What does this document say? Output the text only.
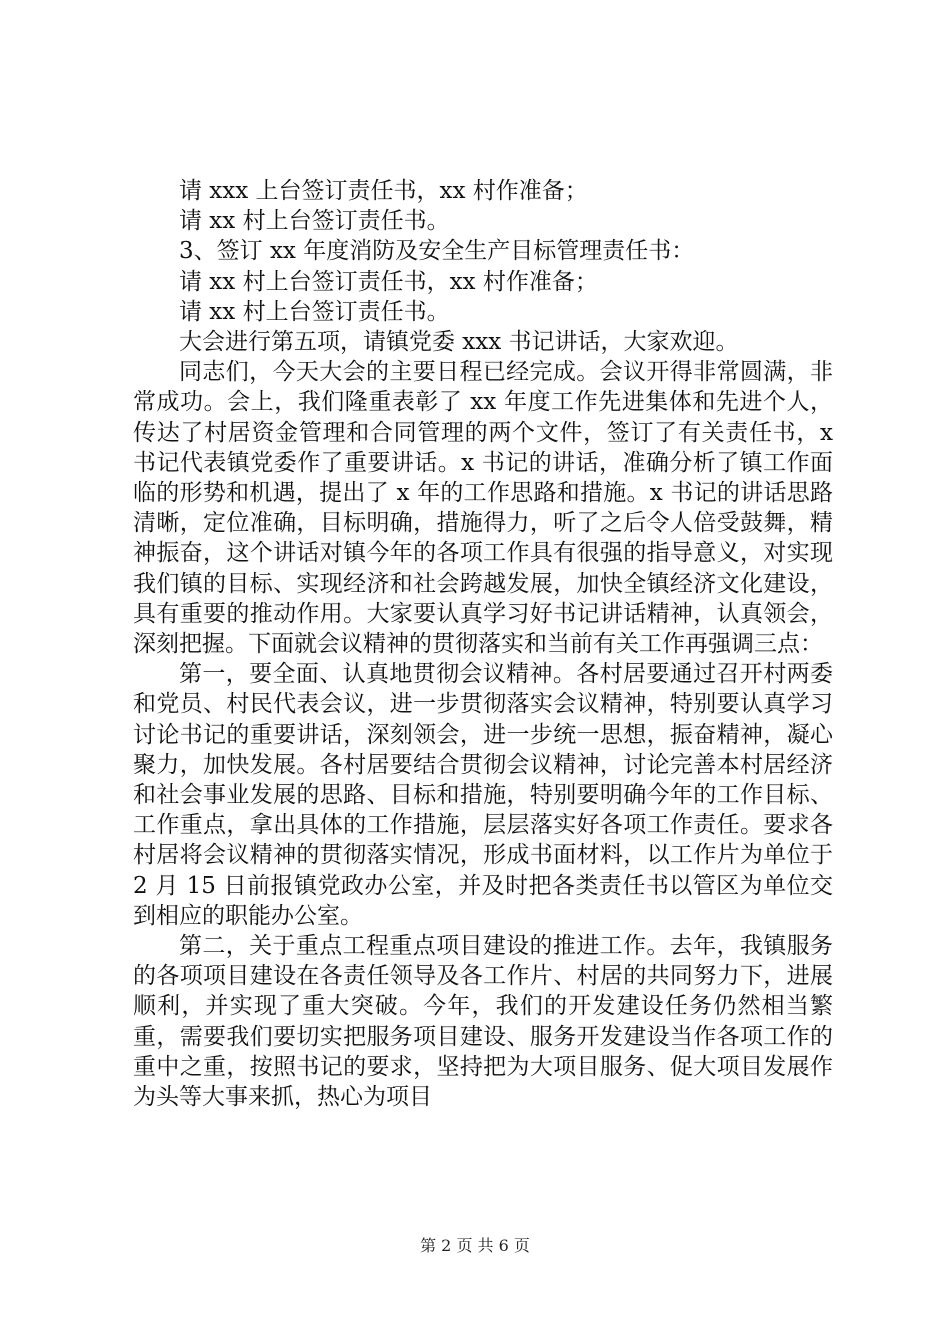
请 xxx 上台签订责任书，xx 村作准备；

请 xx 村上台签订责任书。

3、签订 xx 年度消防及安全生产目标管理责任书：

请 xx 村上台签订责任书，xx 村作准备；

请 xx 村上台签订责任书。

大会进行第五项，请镇党委 xxx 书记讲话，大家欢迎。

同志们，今天大会的主要日程已经完成。会议开得非常圆满，非常成功。会上，我们隆重表彰了 xx 年度工作先进集体和先进个人，传达了村居资金管理和合同管理的两个文件，签订了有关责任书，x 书记代表镇党委作了重要讲话。x 书记的讲话，准确分析了镇工作面临的形势和机遇，提出了 x 年的工作思路和措施。x 书记的讲话思路清晰，定位准确，目标明确，措施得力，听了之后令人倍受鼓舞，精神振奋，这个讲话对镇今年的各项工作具有很强的指导意义，对实现我们镇的目标、实现经济和社会跨越发展，加快全镇经济文化建设，具有重要的推动作用。大家要认真学习好书记讲话精神，认真领会，深刻把握。下面就会议精神的贯彻落实和当前有关工作再强调三点：

第一，要全面、认真地贯彻会议精神。各村居要通过召开村两委和党员、村民代表会议，进一步贯彻落实会议精神，特别要认真学习讨论书记的重要讲话，深刻领会，进一步统一思想，振奋精神，凝心聚力，加快发展。各村居要结合贯彻会议精神，讨论完善本村居经济和社会事业发展的思路、目标和措施，特别要明确今年的工作目标、工作重点，拿出具体的工作措施，层层落实好各项工作责任。要求各村居将会议精神的贯彻落实情况，形成书面材料，以工作片为单位于 2 月 15 日前报镇党政办公室，并及时把各类责任书以管区为单位交到相应的职能办公室。

第二，关于重点工程重点项目建设的推进工作。去年，我镇服务的各项项目建设在各责任领导及各工作片、村居的共同努力下，进展顺利，并实现了重大突破。今年，我们的开发建设任务仍然相当繁重，需要我们要切实把服务项目建设、服务开发建设当作各项工作的重中之重，按照书记的要求，坚持把为大项目服务、促大项目发展作为头等大事来抓，热心为项目

第 2 页 共 6 页
